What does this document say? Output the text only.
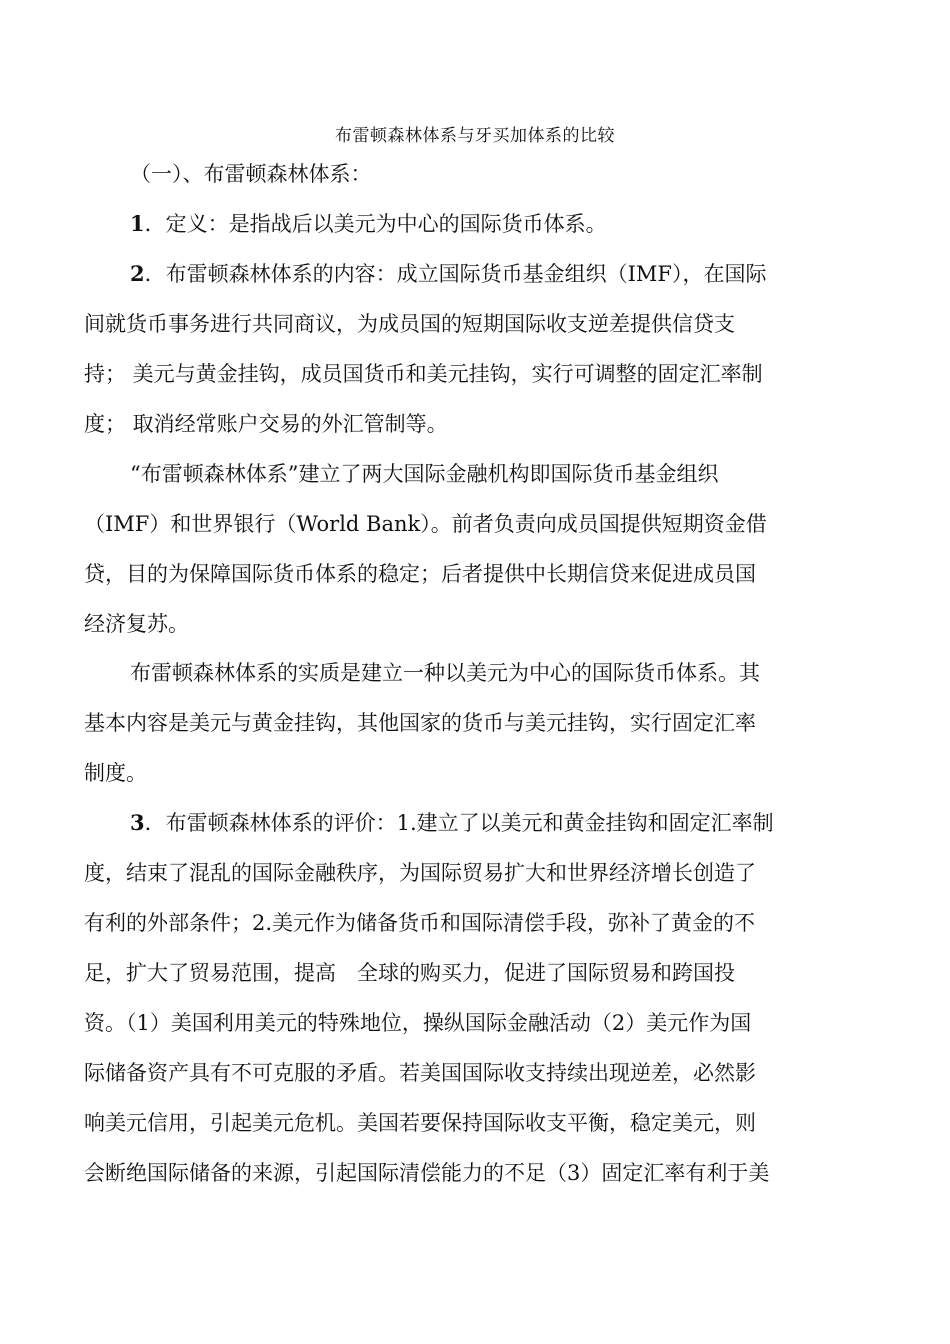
布雷顿森林体系与牙买加体系的比较
（一）、布雷顿森林体系：
1．定义：是指战后以美元为中心的国际货币体系。
2．布雷顿森林体系的内容：成立国际货币基金组织（IMF），在国际
间就货币事务进行共同商议，为成员国的短期国际收支逆差提供信贷支
持； 美元与黄金挂钩，成员国货币和美元挂钩，实行可调整的固定汇率制
度； 取消经常账户交易的外汇管制等。
“布雷顿森林体系”建立了两大国际金融机构即国际货币基金组织
（IMF）和世界银行（World Bank）。前者负责向成员国提供短期资金借
贷，目的为保障国际货币体系的稳定；后者提供中长期信贷来促进成员国
经济复苏。
布雷顿森林体系的实质是建立一种以美元为中心的国际货币体系。其
基本内容是美元与黄金挂钩，其他国家的货币与美元挂钩，实行固定汇率
制度。
3．布雷顿森林体系的评价：1.建立了以美元和黄金挂钩和固定汇率制
度，结束了混乱的国际金融秩序，为国际贸易扩大和世界经济增长创造了
有利的外部条件；2.美元作为储备货币和国际清偿手段，弥补了黄金的不
足，扩大了贸易范围，提高　全球的购买力，促进了国际贸易和跨国投
资。（1）美国利用美元的特殊地位，操纵国际金融活动（2）美元作为国
际储备资产具有不可克服的矛盾。若美国国际收支持续出现逆差，必然影
响美元信用，引起美元危机。美国若要保持国际收支平衡，稳定美元，则
会断绝国际储备的来源，引起国际清偿能力的不足（3）固定汇率有利于美
